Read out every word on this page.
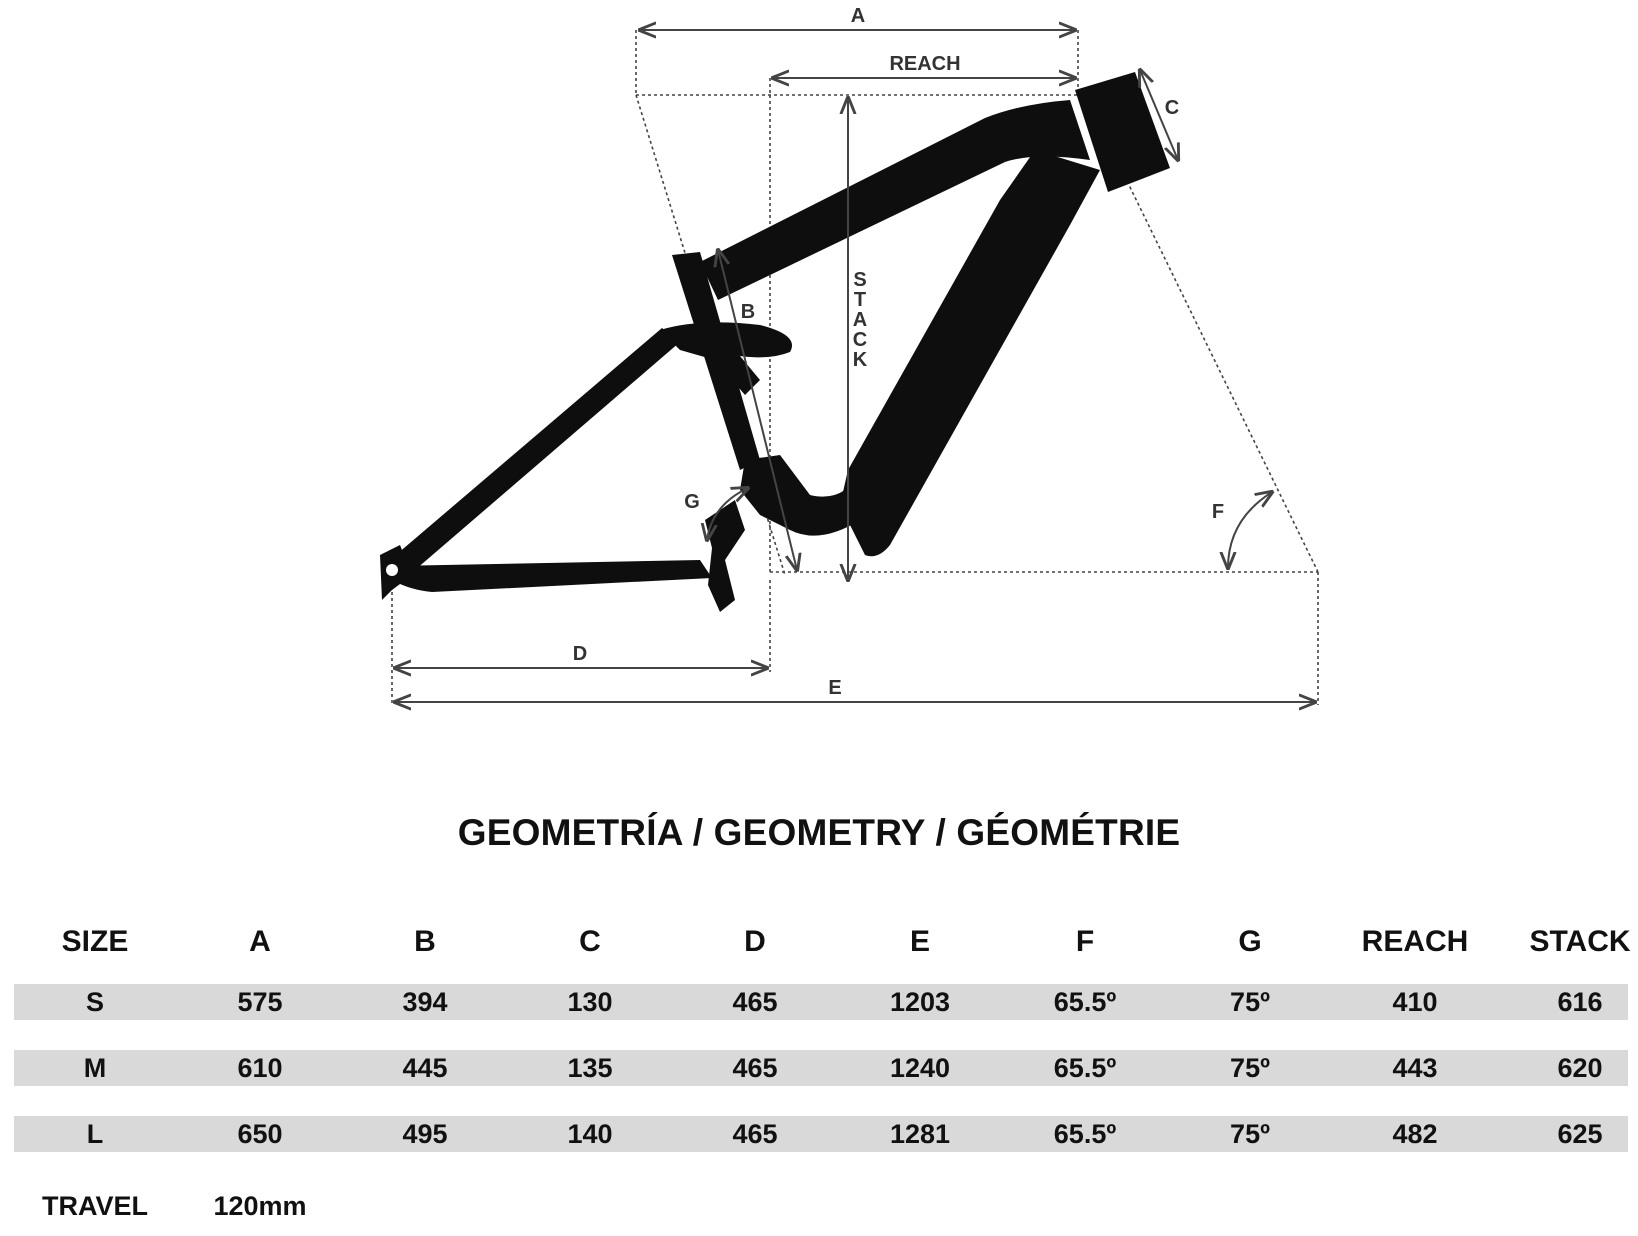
A
REACH
C
S
T
A
C
K
B
G	F
D
E
GEOMETRÍA / GEOMETRY / GÉOMÉTRIE
SIZE	A	B	C	D	E	F	G	REACH	STACK
S	575	394	130	465	1203	65.5º	75º	410	616
M	610	445	135	465	1240	65.5º	75º	443	620
L	650	495	140	465	1281	65.5º	75º	482	625
TRAVEL	120mm
